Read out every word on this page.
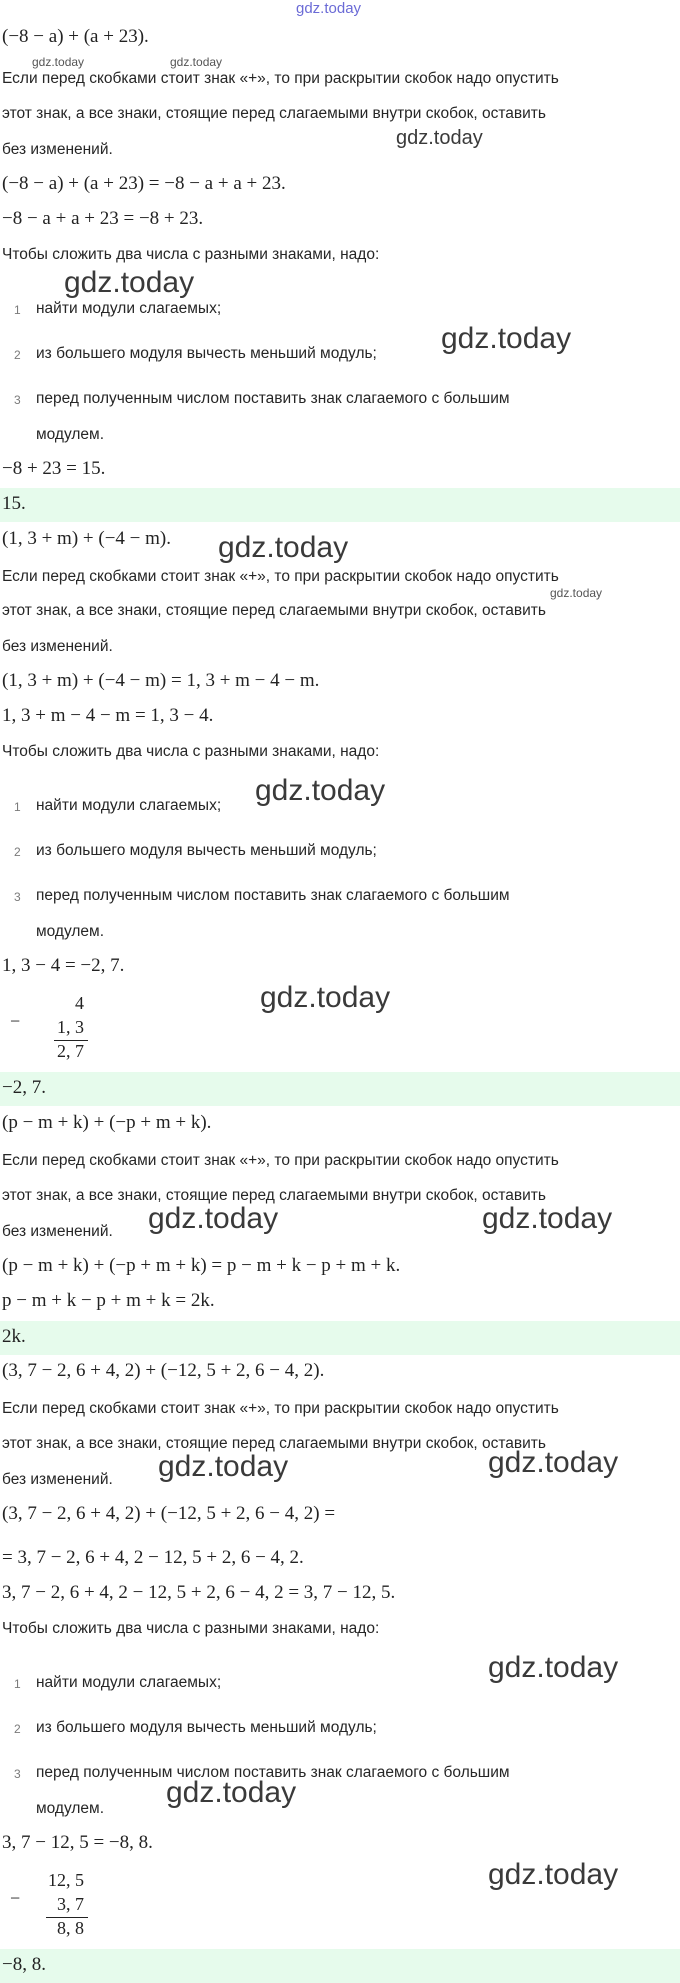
gdz.today
(−8 − a) + (a + 23).
gdz.today	gdz.today
Если перед скобками стоит знак «+», то при раскрытии скобок надо опустить
этот знак, а все знаки, стоящие перед слагаемыми внутри скобок, оставить
gdz.today
без изменений.
(−8 − a) + (a + 23) = −8 − a + a + 23.
−8 − a + a + 23 = −8 + 23.
Чтобы сложить два числа с разными знаками, надо:
gdz.today
1 найти модули слагаемых;
2 из большего модуля вычесть меньший модуль; gdz.today
3 перед полученным числом поставить знак слагаемого с большим
модулем.
−8 + 23 = 15.
15.
(1, 3 + m) + (−4 − m).	gdz.today
Если перед скобками стоит знак «+», то при раскрытии скобок надо опустить
gdz.today
этот знак, а все знаки, стоящие перед слагаемыми внутри скобок, оставить
без изменений.
(1, 3 + m) + (−4 − m) = 1, 3 + m − 4 − m.
1, 3 + m − 4 − m = 1, 3 − 4.
Чтобы сложить два числа с разными знаками, надо:
1 найти модули слагаемых; gdz.today
2 из большего модуля вычесть меньший модуль;
3 перед полученным числом поставить знак слагаемого с большим
модулем.
1, 3 − 4 = −2, 7.
−
4
1, 3
2, 7
gdz.today
−2, 7.
(p − m + k) + (−p + m + k).
Если перед скобками стоит знак «+», то при раскрытии скобок надо опустить
этот знак, а все знаки, стоящие перед слагаемыми внутри скобок, оставить
без изменений.	gdz.today	gdz.today
(p − m + k) + (−p + m + k) = p − m + k − p + m + k.
p − m + k − p + m + k = 2k.
2k.
(3, 7 − 2, 6 + 4, 2) + (−12, 5 + 2, 6 − 4, 2).
Если перед скобками стоит знак «+», то при раскрытии скобок надо опустить
этот знак, а все знаки, стоящие перед слагаемыми внутри скобок, оставить
без изменений.	gdz.today	gdz.today
(3, 7 − 2, 6 + 4, 2) + (−12, 5 + 2, 6 − 4, 2) =
= 3, 7 − 2, 6 + 4, 2 − 12, 5 + 2, 6 − 4, 2.
3, 7 − 2, 6 + 4, 2 − 12, 5 + 2, 6 − 4, 2 = 3, 7 − 12, 5.
Чтобы сложить два числа с разными знаками, надо:
1 найти модули слагаемых;	gdz.today
2 из большего модуля вычесть меньший модуль;
3 перед полученным числом поставить знак слагаемого с большим
модулем. gdz.today
3, 7 − 12, 5 = −8, 8.
−
12, 5
3, 7
8, 8
gdz.today
−8, 8.
